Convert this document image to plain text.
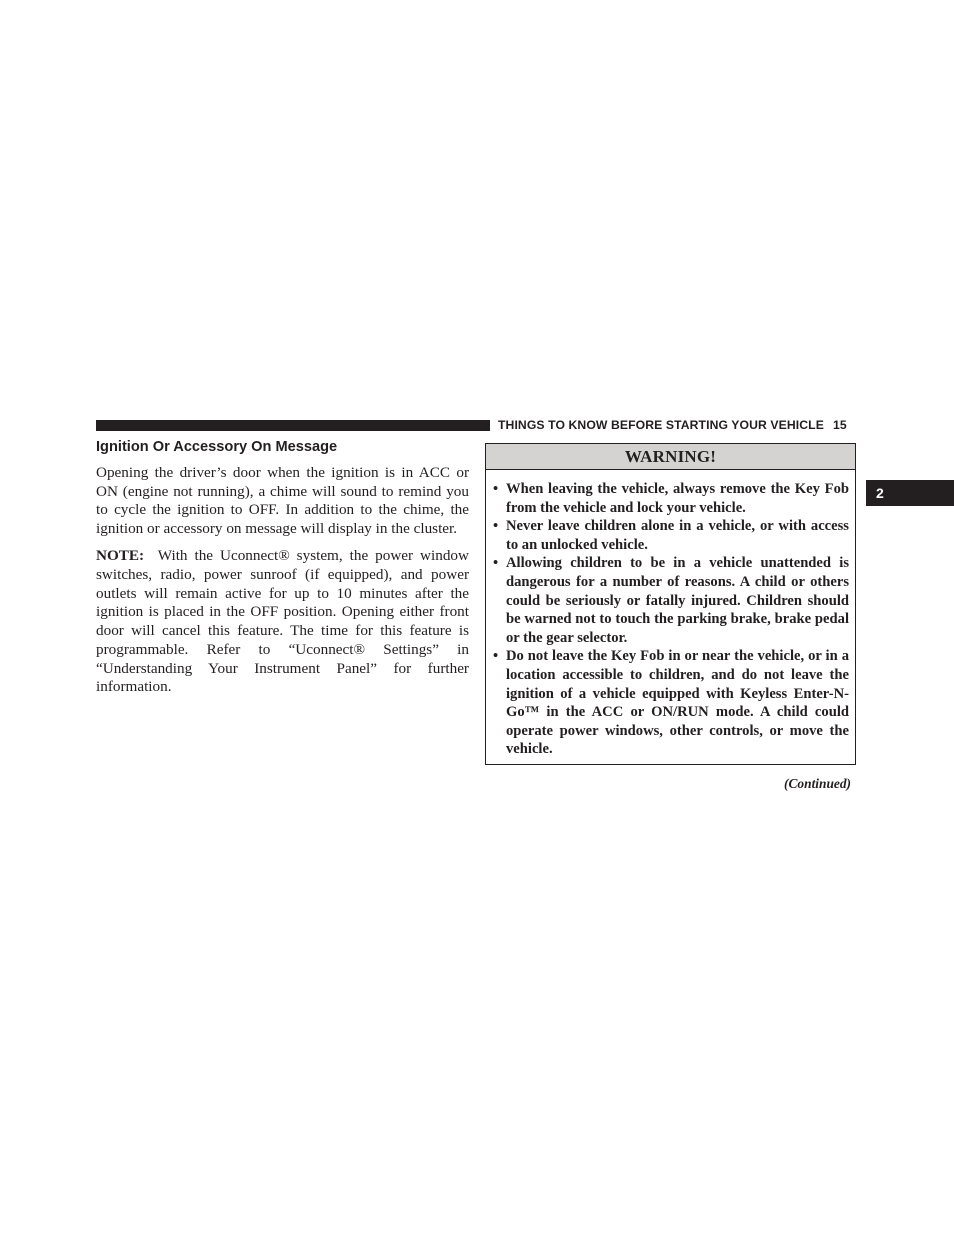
THINGS TO KNOW BEFORE STARTING YOUR VEHICLE 15
2
Ignition Or Accessory On Message

Opening the driver’s door when the ignition is in ACC or ON (engine not running), a chime will sound to remind you to cycle the ignition to OFF. In addition to the chime, the ignition or accessory on message will display in the cluster.

NOTE: With the Uconnect® system, the power window switches, radio, power sunroof (if equipped), and power outlets will remain active for up to 10 minutes after the ignition is placed in the OFF position. Opening either front door will cancel this feature. The time for this feature is programmable. Refer to “Uconnect® Settings” in “Understanding Your Instrument Panel” for further information.

WARNING!
• When leaving the vehicle, always remove the Key Fob from the vehicle and lock your vehicle.
• Never leave children alone in a vehicle, or with access to an unlocked vehicle.
• Allowing children to be in a vehicle unattended is dangerous for a number of reasons. A child or others could be seriously or fatally injured. Children should be warned not to touch the parking brake, brake pedal or the gear selector.
• Do not leave the Key Fob in or near the vehicle, or in a location accessible to children, and do not leave the ignition of a vehicle equipped with Keyless Enter-N-Go™ in the ACC or ON/RUN mode. A child could operate power windows, other controls, or move the vehicle.
(Continued)
